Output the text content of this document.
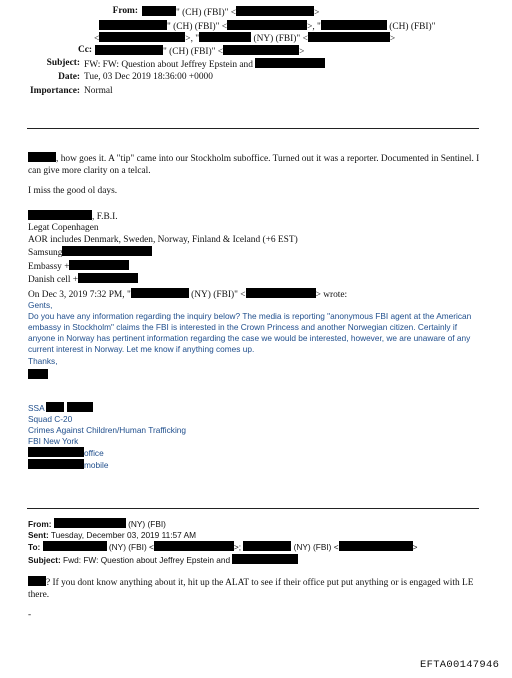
From:	" (CH) (FBI)" <	>
" (CH) (FBI)" <	>, "	(CH) (FBI)"
<	>, "	(NY) (FBI)" <	>
Cc:	" (CH) (FBI)" <	>
Subject: FW: FW: Question about Jeffrey Epstein and
Date: Tue, 03 Dec 2019 18:36:00 +0000
Importance: Normal
, how goes it. A "tip" came into our Stockholm suboffice. Turned out it was a reporter. Documented in Sentinel. I can give more clarity on a telcal.
I miss the good ol days.
, F.B.I.
Legat Copenhagen
AOR includes Denmark, Sweden, Norway, Finland & Iceland (+6 EST)
Samsung
Embassy +
Danish cell +
On Dec 3, 2019 7:32 PM, "	(NY) (FBI)" <	> wrote:
Gents,
Do you have any information regarding the inquiry below? The media is reporting "anonymous FBI agent at the American embassy in Stockholm" claims the FBI is interested in the Crown Princess and another Norwegian citizen. Certainly if anyone in Norway has pertinent information regarding the case we would be interested, however, we are unaware of any current interest in Norway. Let me know if anything comes up.
Thanks,
SSA
Squad C-20
Crimes Against Children/Human Trafficking
FBI New York
office
mobile
From:	(NY) (FBI)
Sent: Tuesday, December 03, 2019 11:57 AM
To:	(NY) (FBI) <	>;	(NY) (FBI) <	>
Subject: Fwd: FW: Question about Jeffrey Epstein and
? If you dont know anything about it, hit up the ALAT to see if their office put put anything or is engaged with LE there.
-
EFTA00147946
